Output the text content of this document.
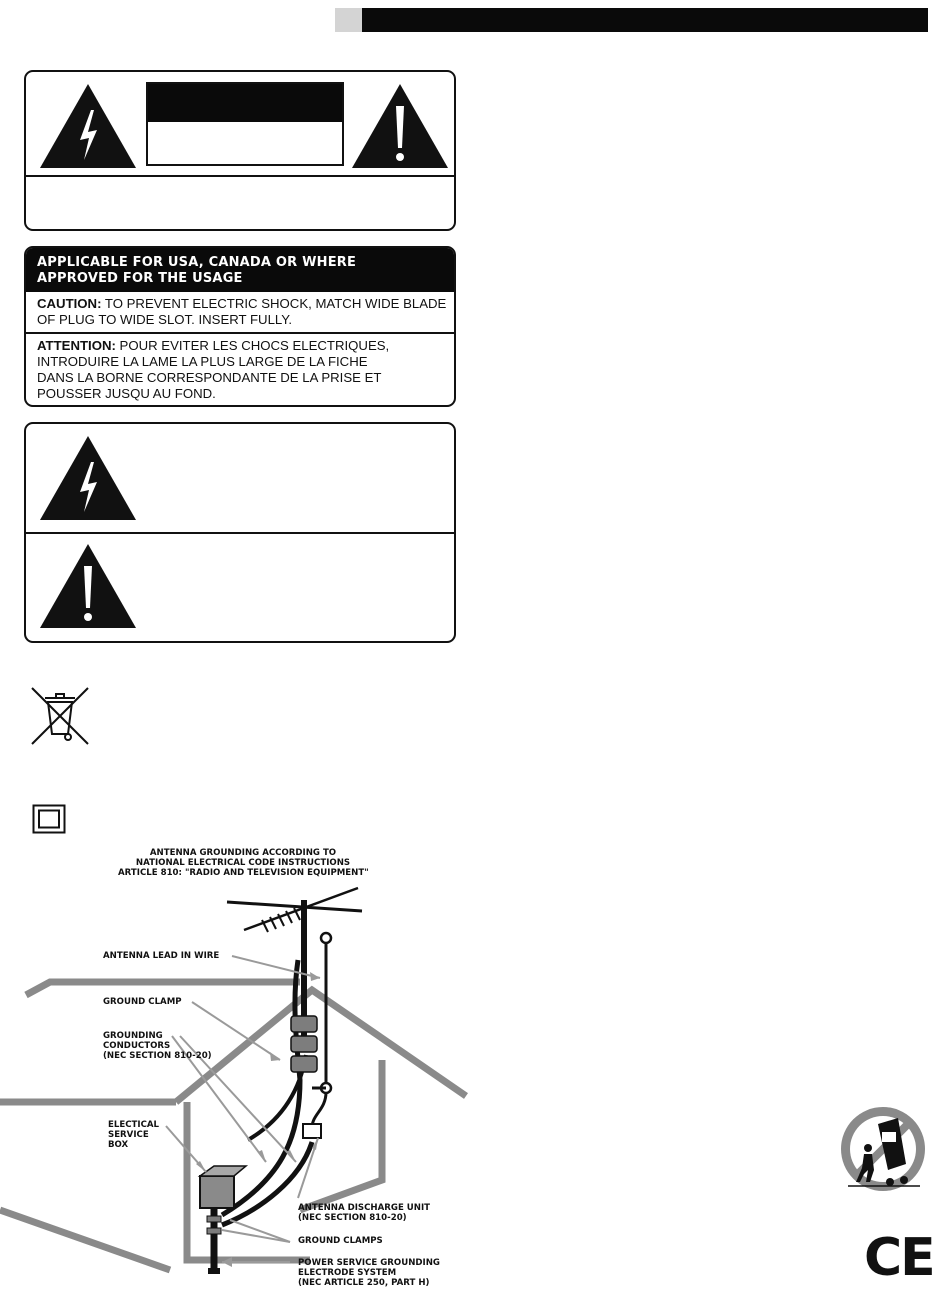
APPLICABLE FOR USA, CANADA OR WHERE
APPROVED FOR THE USAGE
CAUTION: TO PREVENT ELECTRIC SHOCK, MATCH WIDE BLADE
OF PLUG TO WIDE SLOT. INSERT FULLY.
ATTENTION: POUR EVITER LES CHOCS ELECTRIQUES,
INTRODUIRE LA LAME LA PLUS LARGE DE LA FICHE
DANS LA BORNE CORRESPONDANTE DE LA PRISE ET
POUSSER JUSQU AU FOND.
ANTENNA GROUNDING ACCORDING TO
NATIONAL ELECTRICAL CODE INSTRUCTIONS
ARTICLE 810: "RADIO AND TELEVISION EQUIPMENT"
ANTENNA LEAD IN WIRE
GROUND CLAMP
GROUNDING
CONDUCTORS
(NEC SECTION 810-20)
ELECTICAL
SERVICE
BOX
ANTENNA DISCHARGE UNIT
(NEC SECTION 810-20)
GROUND CLAMPS
POWER SERVICE GROUNDING
ELECTRODE SYSTEM
(NEC ARTICLE 250, PART H)	CE
